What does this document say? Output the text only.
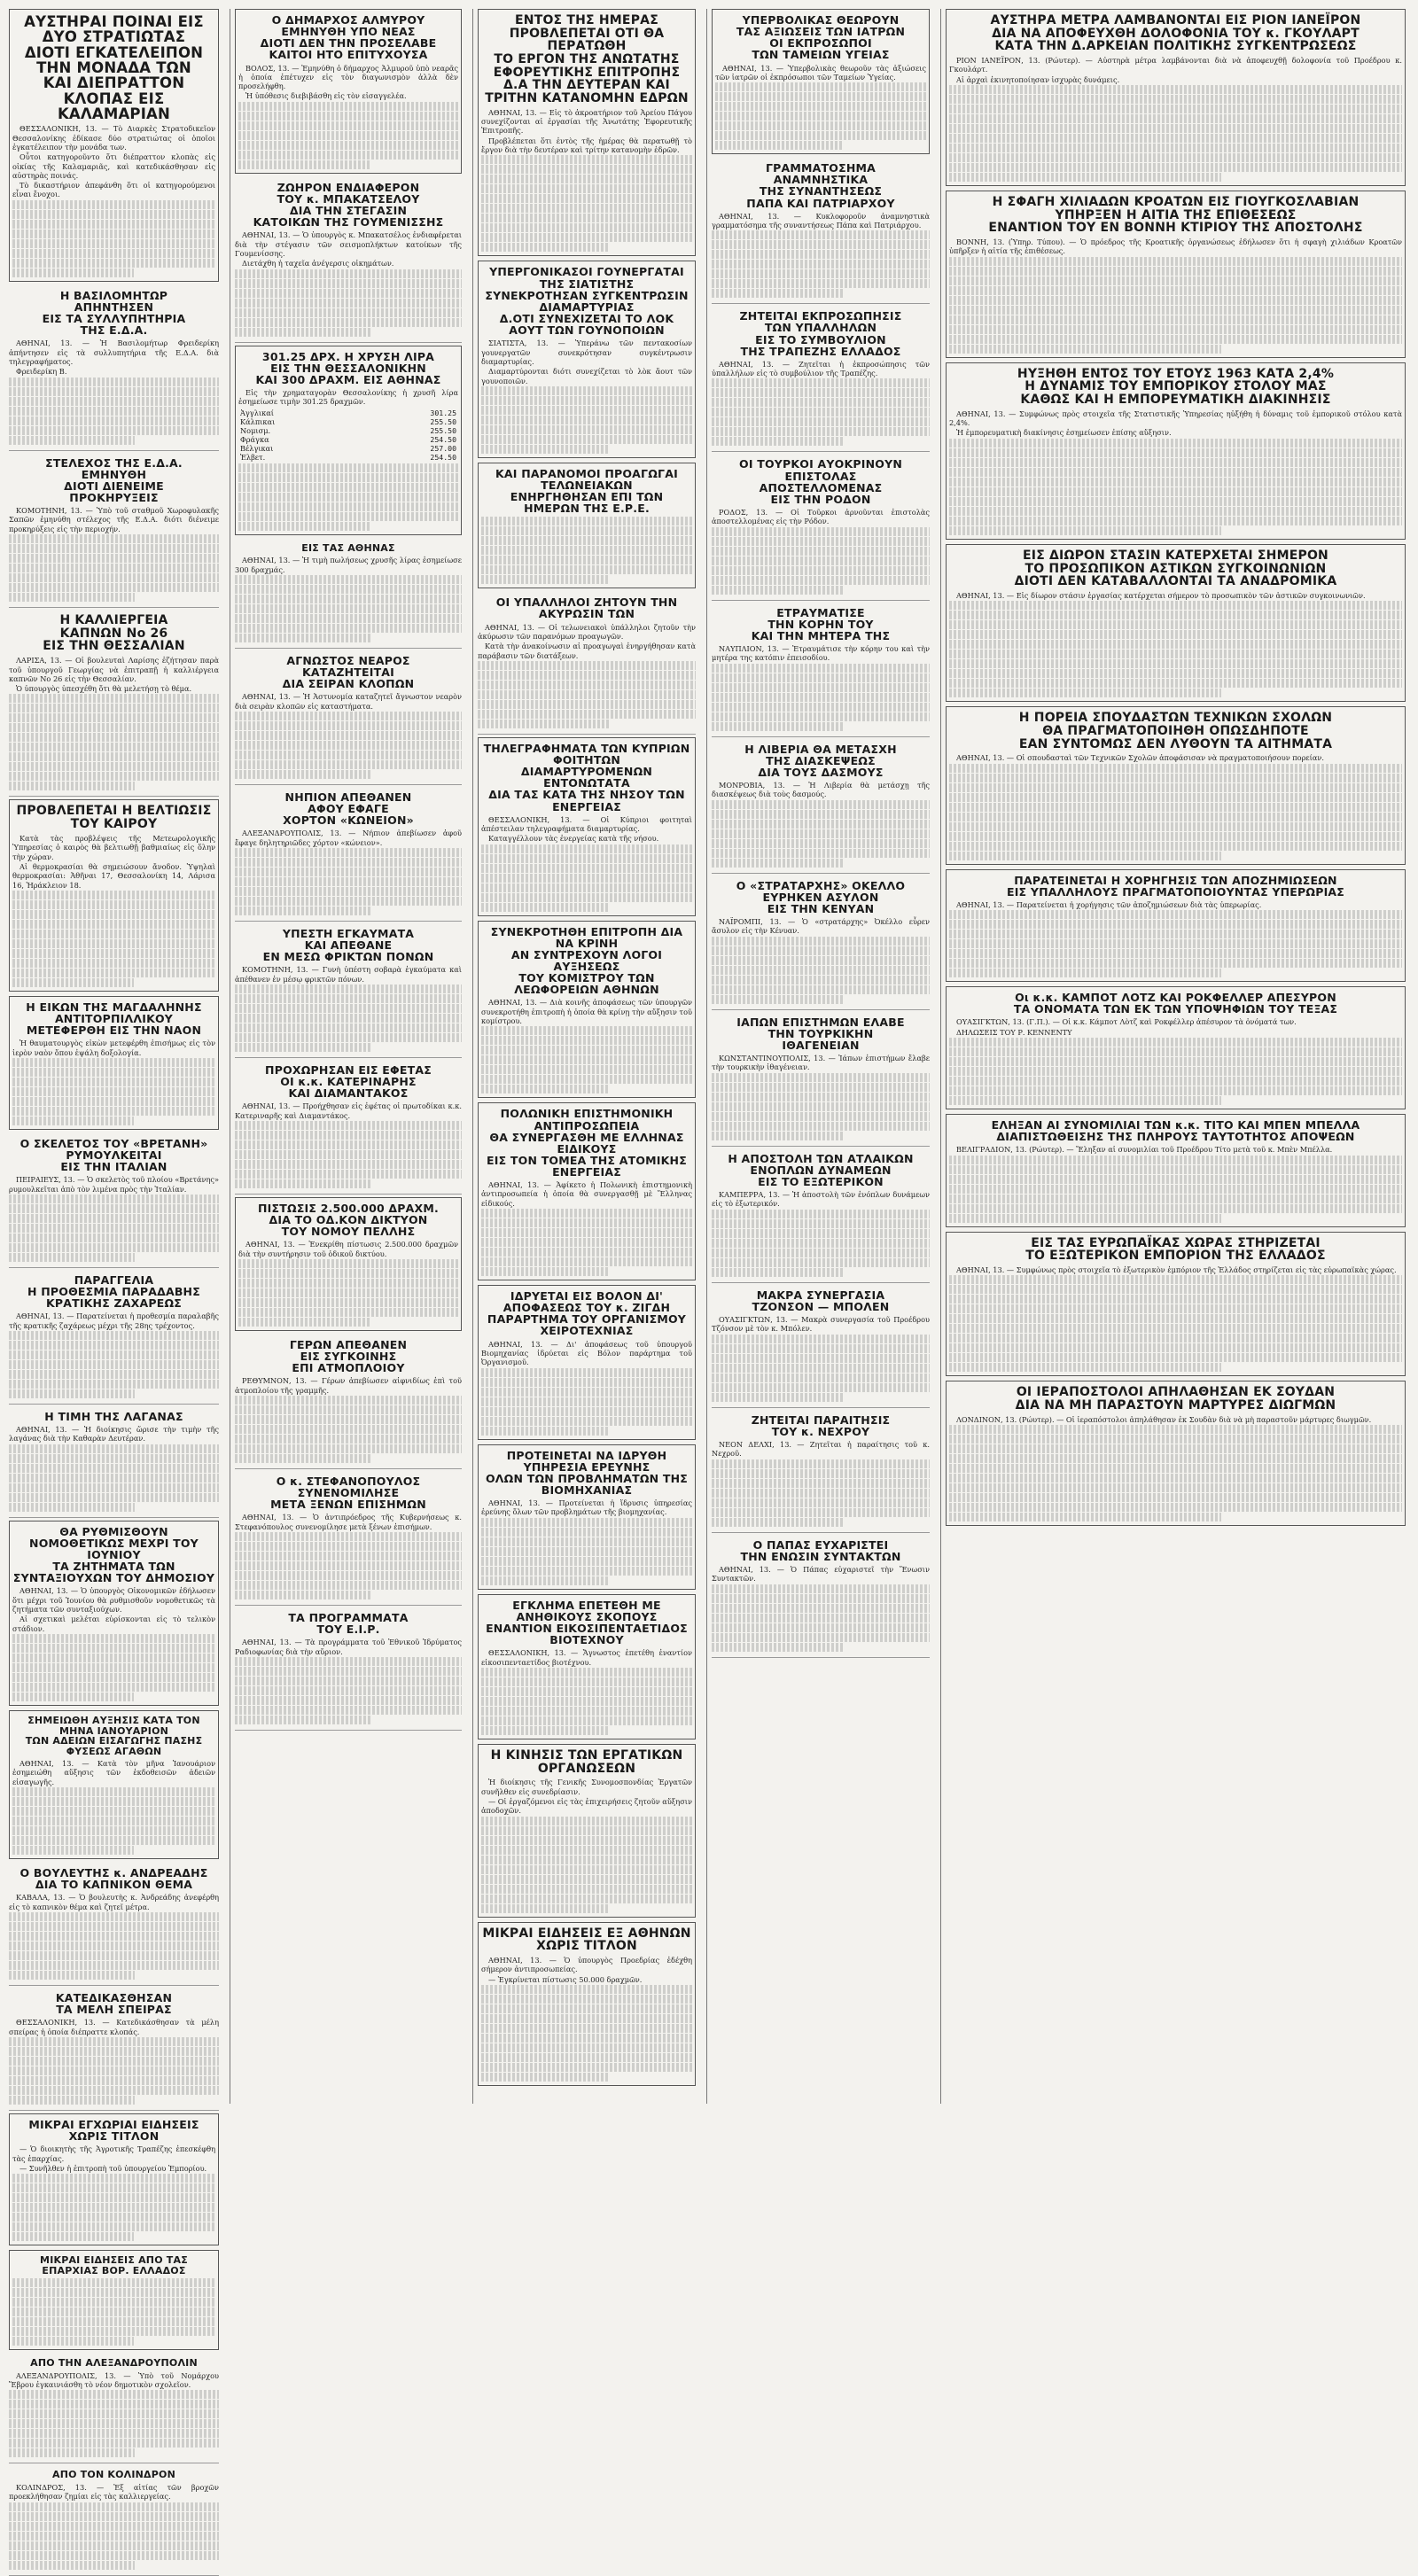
ΑΥΣΤΗΡΑΙ ΠΟΙΝΑΙ ΕΙΣ ΔΥΟ ΣΤΡΑΤΙΩΤΑΣ
ΔΙΟΤΙ ΕΓΚΑΤΕΛΕΙΠΟΝ ΤΗΝ ΜΟΝΑΔΑ ΤΩΝ
ΚΑΙ ΔΙΕΠΡΑΤΤΟΝ ΚΛΟΠΑΣ ΕΙΣ ΚΑΛΑΜΑΡΙΑΝ

ΘΕΣΣΑΛΟΝΙΚΗ, 13. — Τὸ Διαρκὲς Στρατοδικεῖον Θεσσαλονίκης ἐδίκασε δύο στρατιώτας οἱ ὁποῖοι ἐγκατέλειπον τὴν μονάδα των.

Οὗτοι κατηγοροῦντο ὅτι διέπραττον κλοπὰς εἰς οἰκίας τῆς Καλαμαριᾶς, καὶ κατεδικάσθησαν εἰς αὐστηρὰς ποινάς.

Τὸ δικαστήριον ἀπεφάνθη ὅτι οἱ κατηγορούμενοι εἶναι ἔνοχοι.

Η ΒΑΣΙΛΟΜΗΤΩΡ
ΑΠΗΝΤΗΣΕΝ
ΕΙΣ ΤΑ ΣΥΛΛΥΠΗΤΗΡΙΑ
ΤΗΣ Ε.Δ.Α.

ΑΘΗΝΑΙ, 13. — Ἡ Βασιλομήτωρ Φρειδερίκη ἀπήντησεν εἰς τὰ συλλυπητήρια τῆς Ε.Δ.Α. διὰ τηλεγραφήματος.

Φρειδερίκη Β.

ΣΤΕΛΕΧΟΣ ΤΗΣ Ε.Δ.Α.
ΕΜΗΝΥΘΗ
ΔΙΟΤΙ ΔΙΕΝΕΙΜΕ
ΠΡΟΚΗΡΥΞΕΙΣ

ΚΟΜΟΤΗΝΗ, 13. — Ὑπὸ τοῦ σταθμοῦ Χωροφυλακῆς Σαπῶν ἐμηνύθη στέλεχος τῆς Ε.Δ.Α. διότι διένειμε προκηρύξεις εἰς τὴν περιοχήν.

Η ΚΑΛΛΙΕΡΓΕΙΑ
ΚΑΠΝΩΝ Νο 26
ΕΙΣ ΤΗΝ ΘΕΣΣΑΛΙΑΝ

ΛΑΡΙΣΑ, 13. — Οἱ βουλευταὶ Λαρίσης ἐζήτησαν παρὰ τοῦ ὑπουργοῦ Γεωργίας νὰ ἐπιτραπῇ ἡ καλλιέργεια καπνῶν Νο 26 εἰς τὴν Θεσσαλίαν.

Ὁ ὑπουργὸς ὑπεσχέθη ὅτι θὰ μελετήσῃ τὸ θέμα.

ΠΡΟΒΛΕΠΕΤΑΙ Η ΒΕΛΤΙΩΣΙΣ ΤΟΥ ΚΑΙΡΟΥ

Κατὰ τὰς προβλέψεις τῆς Μετεωρολογικῆς Ὑπηρεσίας ὁ καιρὸς θὰ βελτιωθῇ βαθμιαίως εἰς ὅλην τὴν χώραν.

Αἱ θερμοκρασίαι θὰ σημειώσουν ἄνοδον. Ὑψηλαὶ θερμοκρασίαι: Ἀθῆναι 17, Θεσσαλονίκη 14, Λάρισα 16, Ἡράκλειον 18.

Η ΕΙΚΩΝ ΤΗΣ ΜΑΓΔΑΛΗΝΗΣ ΑΝΤΙΤΟΡΠΙΛΛΙΚΟΥ
ΜΕΤΕΦΕΡΘΗ ΕΙΣ ΤΗΝ ΝΑΟΝ

Ἡ θαυματουργὸς εἰκὼν μετεφέρθη ἐπισήμως εἰς τὸν ἱερὸν ναὸν ὅπου ἐψάλη δοξολογία.

Ο ΣΚΕΛΕΤΟΣ ΤΟΥ «ΒΡΕΤΑΝΗ»
ΡΥΜΟΥΛΚΕΙΤΑΙ
ΕΙΣ ΤΗΝ ΙΤΑΛΙΑΝ

ΠΕΙΡΑΙΕΥΣ, 13. — Ὁ σκελετὸς τοῦ πλοίου «Βρετάνης» ρυμουλκεῖται ἀπὸ τὸν λιμένα πρὸς τὴν Ἰταλίαν.

ΠΑΡΑΓΓΕΛΙΑ
Η ΠΡΟΘΕΣΜΙΑ ΠΑΡΑΔΑΒΗΣ
ΚΡΑΤΙΚΗΣ ΖΑΧΑΡΕΩΣ

ΑΘΗΝΑΙ, 13. — Παρατείνεται ἡ προθεσμία παραλαβῆς τῆς κρατικῆς ζαχάρεως μέχρι τῆς 28ης τρέχοντος.

Η ΤΙΜΗ ΤΗΣ ΛΑΓΑΝΑΣ

ΑΘΗΝΑΙ, 13. — Ἡ διοίκησις ὥρισε τὴν τιμὴν τῆς λαγάνας διὰ τὴν Καθαρὰν Δευτέραν.

ΘΑ ΡΥΘΜΙΣΘΟΥΝ ΝΟΜΟΘΕΤΙΚΩΣ ΜΕΧΡΙ ΤΟΥ ΙΟΥΝΙΟΥ
ΤΑ ΖΗΤΗΜΑΤΑ ΤΩΝ ΣΥΝΤΑΞΙΟΥΧΩΝ ΤΟΥ ΔΗΜΟΣΙΟΥ

ΑΘΗΝΑΙ, 13. — Ὁ ὑπουργὸς Οἰκονομικῶν ἐδήλωσεν ὅτι μέχρι τοῦ Ἰουνίου θὰ ρυθμισθοῦν νομοθετικῶς τὰ ζητήματα τῶν συνταξιούχων.

Αἱ σχετικαὶ μελέται εὑρίσκονται εἰς τὸ τελικὸν στάδιον.

ΣΗΜΕΙΩΘΗ ΑΥΞΗΣΙΣ ΚΑΤΑ ΤΟΝ ΜΗΝΑ ΙΑΝΟΥΑΡΙΟΝ
ΤΩΝ ΑΔΕΙΩΝ ΕΙΣΑΓΩΓΗΣ ΠΑΣΗΣ ΦΥΣΕΩΣ ΑΓΑΘΩΝ

ΑΘΗΝΑΙ, 13. — Κατὰ τὸν μῆνα Ἰανουάριον ἐσημειώθη αὔξησις τῶν ἐκδοθεισῶν ἀδειῶν εἰσαγωγῆς.

Ο ΒΟΥΛΕΥΤΗΣ κ. ΑΝΔΡΕΑΔΗΣ
ΔΙΑ ΤΟ ΚΑΠΝΙΚΟΝ ΘΕΜΑ

ΚΑΒΑΛΑ, 13. — Ὁ βουλευτὴς κ. Ἀνδρεάδης ἀνεφέρθη εἰς τὸ καπνικὸν θέμα καὶ ζητεῖ μέτρα.

ΚΑΤΕΔΙΚΑΣΘΗΣΑΝ
ΤΑ ΜΕΛΗ ΣΠΕΙΡΑΣ

ΘΕΣΣΑΛΟΝΙΚΗ, 13. — Κατεδικάσθησαν τὰ μέλη σπείρας ἡ ὁποία διέπραττε κλοπάς.

ΜΙΚΡΑΙ ΕΓΧΩΡΙΑΙ ΕΙΔΗΣΕΙΣ ΧΩΡΙΣ ΤΙΤΛΟΝ

— Ὁ διοικητὴς τῆς Ἀγροτικῆς Τραπέζης ἐπεσκέφθη τὰς ἐπαρχίας.

— Συνῆλθεν ἡ ἐπιτροπὴ τοῦ ὑπουργείου Ἐμπορίου.

ΜΙΚΡΑΙ ΕΙΔΗΣΕΙΣ ΑΠΟ ΤΑΣ ΕΠΑΡΧΙΑΣ ΒΟΡ. ΕΛΛΑΔΟΣ
ΑΠΟ ΤΗΝ ΑΛΕΞΑΝΔΡΟΥΠΟΛΙΝ

ΑΛΕΞΑΝΔΡΟΥΠΟΛΙΣ, 13. — Ὑπὸ τοῦ Νομάρχου Ἕβρου ἐγκαινιάσθη τὸ νέον δημοτικὸν σχολεῖον.

ΑΠΟ ΤΟΝ ΚΟΛΙΝΔΡΟΝ

ΚΟΛΙΝΔΡΟΣ, 13. — Ἐξ αἰτίας τῶν βροχῶν προεκλήθησαν ζημίαι εἰς τὰς καλλιεργείας.

Ο ΔΗΜΑΡΧΟΣ ΑΛΜΥΡΟΥ
ΕΜΗΝΥΘΗ ΥΠΟ ΝΕΑΣ
ΔΙΟΤΙ ΔΕΝ ΤΗΝ ΠΡΟΣΕΛΑΒΕ
ΚΑΙΤΟΙ ΗΤΟ ΕΠΙΤΥΧΟΥΣΑ

ΒΟΛΟΣ, 13. — Ἐμηνύθη ὁ δήμαρχος Ἀλμυροῦ ὑπὸ νεαρᾶς ἡ ὁποία ἐπέτυχεν εἰς τὸν διαγωνισμὸν ἀλλὰ δὲν προσελήφθη.

Ἡ ὑπόθεσις διεβιβάσθη εἰς τὸν εἰσαγγελέα.

ΖΩΗΡΟΝ ΕΝΔΙΑΦΕΡΟΝ
ΤΟΥ κ. ΜΠΑΚΑΤΣΕΛΟΥ
ΔΙΑ ΤΗΝ ΣΤΕΓΑΣΙΝ
ΚΑΤΟΙΚΩΝ ΤΗΣ ΓΟΥΜΕΝΙΣΣΗΣ

ΑΘΗΝΑΙ, 13. — Ὁ ὑπουργὸς κ. Μπακατσέλος ἐνδιαφέρεται διὰ τὴν στέγασιν τῶν σεισμοπλήκτων κατοίκων τῆς Γουμενίσσης.

Διετάχθη ἡ ταχεῖα ἀνέγερσις οἰκημάτων.

301.25 ΔΡΧ. Η ΧΡΥΣΗ ΛΙΡΑ
ΕΙΣ ΤΗΝ ΘΕΣΣΑΛΟΝΙΚΗΝ
ΚΑΙ 300 ΔΡΑΧΜ. ΕΙΣ ΑΘΗΝΑΣ

Εἰς τὴν χρηματαγορὰν Θεσσαλονίκης ἡ χρυσῆ λίρα ἐσημείωσε τιμὴν 301.25 δραχμῶν.

Ἀγγλικαί	301.25
Κάλπικαι	255.50
Νομισμ.	255.50
Φράγκα	254.50
Βέλγικαι	257.00
Ἑλβετ.	254.50
ΕΙΣ ΤΑΣ ΑΘΗΝΑΣ

ΑΘΗΝΑΙ, 13. — Ἡ τιμὴ πωλήσεως χρυσῆς λίρας ἐσημείωσε 300 δραχμάς.

ΑΓΝΩΣΤΟΣ ΝΕΑΡΟΣ
ΚΑΤΑΖΗΤΕΙΤΑΙ
ΔΙΑ ΣΕΙΡΑΝ ΚΛΟΠΩΝ

ΑΘΗΝΑΙ, 13. — Ἡ Ἀστυνομία καταζητεῖ ἄγνωστον νεαρὸν διὰ σειρὰν κλοπῶν εἰς καταστήματα.

ΝΗΠΙΟΝ ΑΠΕΘΑΝΕΝ
ΑΦΟΥ ΕΦΑΓΕ
ΧΟΡΤΟΝ «ΚΩΝΕΙΟΝ»

ΑΛΕΞΑΝΔΡΟΥΠΟΛΙΣ, 13. — Νήπιον ἀπεβίωσεν ἀφοῦ ἔφαγε δηλητηριῶδες χόρτον «κώνειον».

ΥΠΕΣΤΗ ΕΓΚΑΥΜΑΤΑ
ΚΑΙ ΑΠΕΘΑΝΕ
ΕΝ ΜΕΣΩ ΦΡΙΚΤΩΝ ΠΟΝΩΝ

ΚΟΜΟΤΗΝΗ, 13. — Γυνὴ ὑπέστη σοβαρὰ ἐγκαύματα καὶ ἀπέθανεν ἐν μέσῳ φρικτῶν πόνων.

ΠΡΟΧΩΡΗΣΑΝ ΕΙΣ ΕΦΕΤΑΣ
ΟΙ κ.κ. ΚΑΤΕΡΙΝΑΡΗΣ
ΚΑΙ ΔΙΑΜΑΝΤΑΚΟΣ

ΑΘΗΝΑΙ, 13. — Προήχθησαν εἰς ἐφέτας οἱ πρωτοδίκαι κ.κ. Κατεριναρῆς καὶ Διαμαντάκος.

ΠΙΣΤΩΣΙΣ 2.500.000 ΔΡΑΧΜ.
ΔΙΑ ΤΟ ΟΔ.ΚΟΝ ΔΙΚΤΥΟΝ
ΤΟΥ ΝΟΜΟΥ ΠΕΛΛΗΣ

ΑΘΗΝΑΙ, 13. — Ἐνεκρίθη πίστωσις 2.500.000 δραχμῶν διὰ τὴν συντήρησιν τοῦ ὁδικοῦ δικτύου.

ΓΕΡΩΝ ΑΠΕΘΑΝΕΝ
ΕΙΣ ΣΥΓΚΟΙΝΗΣ
ΕΠΙ ΑΤΜΟΠΛΟΙΟΥ

ΡΕΘΥΜΝΟΝ, 13. — Γέρων ἀπεβίωσεν αἰφνιδίως ἐπὶ τοῦ ἀτμοπλοίου τῆς γραμμῆς.

Ο κ. ΣΤΕΦΑΝΟΠΟΥΛΟΣ
ΣΥΝΕΝΟΜΙΛΗΣΕ
ΜΕΤΑ ΞΕΝΩΝ ΕΠΙΣΗΜΩΝ

ΑΘΗΝΑΙ, 13. — Ὁ ἀντιπρόεδρος τῆς Κυβερνήσεως κ. Στεφανόπουλος συνενομίλησε μετὰ ξένων ἐπισήμων.

ΤΑ ΠΡΟΓΡΑΜΜΑΤΑ
ΤΟΥ Ε.Ι.Ρ.

ΑΘΗΝΑΙ, 13. — Τὰ προγράμματα τοῦ Ἐθνικοῦ Ἱδρύματος Ραδιοφωνίας διὰ τὴν αὔριον.

ΕΝΤΟΣ ΤΗΣ ΗΜΕΡΑΣ ΠΡΟΒΛΕΠΕΤΑΙ ΟΤΙ ΘΑ ΠΕΡΑΤΩΘΗ
ΤΟ ΕΡΓΟΝ ΤΗΣ ΑΝΩΤΑΤΗΣ ΕΦΟΡΕΥΤΙΚΗΣ ΕΠΙΤΡΟΠΗΣ
Δ.Α ΤΗΝ ΔΕΥΤΕΡΑΝ ΚΑΙ ΤΡΙΤΗΝ ΚΑΤΑΝΟΜΗΝ ΕΔΡΩΝ

ΑΘΗΝΑΙ, 13. — Εἰς τὸ ἀκροατήριον τοῦ Ἀρείου Πάγου συνεχίζονται αἱ ἐργασίαι τῆς Ἀνωτάτης Ἐφορευτικῆς Ἐπιτροπῆς.

Προβλέπεται ὅτι ἐντὸς τῆς ἡμέρας θὰ περατωθῇ τὸ ἔργον διὰ τὴν δευτέραν καὶ τρίτην κατανομὴν ἑδρῶν.

ΥΠΕΡΓΟΝΙΚΑΣΟΙ ΓΟΥΝΕΡΓΑΤΑΙ ΤΗΣ ΣΙΑΤΙΣΤΗΣ
ΣΥΝΕΚΡΟΤΗΣΑΝ ΣΥΓΚΕΝΤΡΩΣΙΝ ΔΙΑΜΑΡΤΥΡΙΑΣ
Δ.ΟΤΙ ΣΥΝΕΧΙΖΕΤΑΙ ΤΟ ΛΟΚ ΑΟΥΤ ΤΩΝ ΓΟΥΝΟΠΟΙΩΝ

ΣΙΑΤΙΣΤΑ, 13. — Ὑπεράνω τῶν πεντακοσίων γουνεργατῶν συνεκρότησαν συγκέντρωσιν διαμαρτυρίας.

Διαμαρτύρονται διότι συνεχίζεται τὸ λὸκ ἄουτ τῶν γουνοποιῶν.

ΚΑΙ ΠΑΡΑΝΟΜΟΙ ΠΡΟΑΓΩΓΑΙ ΤΕΛΩΝΕΙΑΚΩΝ
ΕΝΗΡΓΗΘΗΣΑΝ ΕΠΙ ΤΩΝ ΗΜΕΡΩΝ ΤΗΣ Ε.Ρ.Ε.
ΟΙ ΥΠΑΛΛΗΛΟΙ ΖΗΤΟΥΝ ΤΗΝ ΑΚΥΡΩΣΙΝ ΤΩΝ

ΑΘΗΝΑΙ, 13. — Οἱ τελωνειακοὶ ὑπάλληλοι ζητοῦν τὴν ἀκύρωσιν τῶν παρανόμων προαγωγῶν.

Κατὰ τὴν ἀνακοίνωσιν αἱ προαγωγαὶ ἐνηργήθησαν κατὰ παράβασιν τῶν διατάξεων.

ΤΗΛΕΓΡΑΦΗΜΑΤΑ ΤΩΝ ΚΥΠΡΙΩΝ ΦΟΙΤΗΤΩΝ
ΔΙΑΜΑΡΤΥΡΟΜΕΝΩΝ ΕΝΤΟΝΩΤΑΤΑ
ΔΙΑ ΤΑΣ ΚΑΤΑ ΤΗΣ ΝΗΣΟΥ ΤΩΝ ΕΝΕΡΓΕΙΑΣ

ΘΕΣΣΑΛΟΝΙΚΗ, 13. — Οἱ Κύπριοι φοιτηταὶ ἀπέστειλαν τηλεγραφήματα διαμαρτυρίας.

Καταγγέλλουν τὰς ἐνεργείας κατὰ τῆς νήσου.

ΣΥΝΕΚΡΟΤΗΘΗ ΕΠΙΤΡΟΠΗ ΔΙΑ ΝΑ ΚΡΙΝΗ
ΑΝ ΣΥΝΤΡΕΧΟΥΝ ΛΟΓΟΙ ΑΥΞΗΣΕΩΣ
ΤΟΥ ΚΟΜΙΣΤΡΟΥ ΤΩΝ ΛΕΩΦΟΡΕΙΩΝ ΑΘΗΝΩΝ

ΑΘΗΝΑΙ, 13. — Διὰ κοινῆς ἀποφάσεως τῶν ὑπουργῶν συνεκροτήθη ἐπιτροπὴ ἡ ὁποία θὰ κρίνῃ τὴν αὔξησιν τοῦ κομίστρου.

ΠΟΛΩΝΙΚΗ ΕΠΙΣΤΗΜΟΝΙΚΗ ΑΝΤΙΠΡΟΣΩΠΕΙΑ
ΘΑ ΣΥΝΕΡΓΑΣΘΗ ΜΕ ΕΛΛΗΝΑΣ ΕΙΔΙΚΟΥΣ
ΕΙΣ ΤΟΝ ΤΟΜΕΑ ΤΗΣ ΑΤΟΜΙΚΗΣ ΕΝΕΡΓΕΙΑΣ

ΑΘΗΝΑΙ, 13. — Ἀφίκετο ἡ Πολωνικὴ ἐπιστημονικὴ ἀντιπροσωπεία ἡ ὁποία θὰ συνεργασθῇ μὲ Ἕλληνας εἰδικούς.

ΙΔΡΥΕΤΑΙ ΕΙΣ ΒΟΛΟΝ ΔΙ' ΑΠΟΦΑΣΕΩΣ ΤΟΥ κ. ΖΙΓΔΗ
ΠΑΡΑΡΤΗΜΑ ΤΟΥ ΟΡΓΑΝΙΣΜΟΥ ΧΕΙΡΟΤΕΧΝΙΑΣ

ΑΘΗΝΑΙ, 13. — Δι' ἀποφάσεως τοῦ ὑπουργοῦ Βιομηχανίας ἱδρύεται εἰς Βόλον παράρτημα τοῦ Ὀργανισμοῦ.

ΠΡΟΤΕΙΝΕΤΑΙ ΝΑ ΙΔΡΥΘΗ ΥΠΗΡΕΣΙΑ ΕΡΕΥΝΗΣ
ΟΛΩΝ ΤΩΝ ΠΡΟΒΛΗΜΑΤΩΝ ΤΗΣ ΒΙΟΜΗΧΑΝΙΑΣ

ΑΘΗΝΑΙ, 13. — Προτείνεται ἡ ἵδρυσις ὑπηρεσίας ἐρεύνης ὅλων τῶν προβλημάτων τῆς βιομηχανίας.

ΕΓΚΛΗΜΑ ΕΠΕΤΕΘΗ ΜΕ ΑΝΗΘΙΚΟΥΣ ΣΚΟΠΟΥΣ
ΕΝΑΝΤΙΟΝ ΕΙΚΟΣΙΠΕΝΤΑΕΤΙΔΟΣ ΒΙΟΤΕΧΝΟΥ

ΘΕΣΣΑΛΟΝΙΚΗ, 13. — Ἄγνωστος ἐπετέθη ἐναντίον εἰκοσιπενταετίδος βιοτέχνου.

Η ΚΙΝΗΣΙΣ ΤΩΝ ΕΡΓΑΤΙΚΩΝ ΟΡΓΑΝΩΣΕΩΝ

Ἡ διοίκησις τῆς Γενικῆς Συνομοσπονδίας Ἐργατῶν συνῆλθεν εἰς συνεδρίασιν.

— Οἱ ἐργαζόμενοι εἰς τὰς ἐπιχειρήσεις ζητοῦν αὔξησιν ἀποδοχῶν.

ΜΙΚΡΑΙ ΕΙΔΗΣΕΙΣ ΕΞ ΑΘΗΝΩΝ ΧΩΡΙΣ ΤΙΤΛΟΝ

ΑΘΗΝΑΙ, 13. — Ὁ ὑπουργὸς Προεδρίας ἐδέχθη σήμερον ἀντιπροσωπείας.

— Ἐγκρίνεται πίστωσις 50.000 δραχμῶν.

ΥΠΕΡΒΟΛΙΚΑΣ ΘΕΩΡΟΥΝ
ΤΑΣ ΑΞΙΩΣΕΙΣ ΤΩΝ ΙΑΤΡΩΝ
ΟΙ ΕΚΠΡΟΣΩΠΟΙ
ΤΩΝ ΤΑΜΕΙΩΝ ΥΓΕΙΑΣ

ΑΘΗΝΑΙ, 13. — Ὑπερβολικὰς θεωροῦν τὰς ἀξιώσεις τῶν ἰατρῶν οἱ ἐκπρόσωποι τῶν Ταμείων Ὑγείας.

ΓΡΑΜΜΑΤΟΣΗΜΑ
ΑΝΑΜΝΗΣΤΙΚΑ
ΤΗΣ ΣΥΝΑΝΤΗΣΕΩΣ
ΠΑΠΑ ΚΑΙ ΠΑΤΡΙΑΡΧΟΥ

ΑΘΗΝΑΙ, 13. — Κυκλοφοροῦν ἀναμνηστικὰ γραμματόσημα τῆς συναντήσεως Πάπα καὶ Πατριάρχου.

ΖΗΤΕΙΤΑΙ ΕΚΠΡΟΣΩΠΗΣΙΣ
ΤΩΝ ΥΠΑΛΛΗΛΩΝ
ΕΙΣ ΤΟ ΣΥΜΒΟΥΛΙΟΝ
ΤΗΣ ΤΡΑΠΕΖΗΣ ΕΛΛΑΔΟΣ

ΑΘΗΝΑΙ, 13. — Ζητεῖται ἡ ἐκπροσώπησις τῶν ὑπαλλήλων εἰς τὸ συμβούλιον τῆς Τραπέζης.

ΟΙ ΤΟΥΡΚΟΙ ΑΥΟΚΡΙΝΟΥΝ
ΕΠΙΣΤΟΛΑΣ
ΑΠΟΣΤΕΛΛΟΜΕΝΑΣ
ΕΙΣ ΤΗΝ ΡΟΔΟΝ

ΡΟΔΟΣ, 13. — Οἱ Τοῦρκοι ἀρνοῦνται ἐπιστολὰς ἀποστελλομένας εἰς τὴν Ρόδον.

ΕΤΡΑΥΜΑΤΙΣΕ
ΤΗΝ ΚΟΡΗΝ ΤΟΥ
ΚΑΙ ΤΗΝ ΜΗΤΕΡΑ ΤΗΣ

ΝΑΥΠΛΙΟΝ, 13. — Ἐτραυμάτισε τὴν κόρην του καὶ τὴν μητέρα της κατόπιν ἐπεισοδίου.

Η ΛΙΒΕΡΙΑ ΘΑ ΜΕΤΑΣΧΗ
ΤΗΣ ΔΙΑΣΚΕΨΕΩΣ
ΔΙΑ ΤΟΥΣ ΔΑΣΜΟΥΣ

ΜΟΝΡΟΒΙΑ, 13. — Ἡ Λιβερία θὰ μετάσχῃ τῆς διασκέψεως διὰ τοὺς δασμούς.

Ο «ΣΤΡΑΤΑΡΧΗΣ» ΟΚΕΛΛΟ
ΕΥΡΗΚΕΝ ΑΣΥΛΟΝ
ΕΙΣ ΤΗΝ ΚΕΝΥΑΝ

ΝΑΪΡΟΜΠΙ, 13. — Ὁ «στρατάρχης» Ὀκέλλο εὗρεν ἄσυλον εἰς τὴν Κένυαν.

ΙΑΠΩΝ ΕΠΙΣΤΗΜΩΝ ΕΛΑΒΕ
ΤΗΝ ΤΟΥΡΚΙΚΗΝ
ΙΘΑΓΕΝΕΙΑΝ

ΚΩΝΣΤΑΝΤΙΝΟΥΠΟΛΙΣ, 13. — Ἰάπων ἐπιστήμων ἔλαβε τὴν τουρκικὴν ἰθαγένειαν.

Η ΑΠΟΣΤΟΛΗ ΤΩΝ ΑΤΛΑΙΚΩΝ
ΕΝΟΠΛΩΝ ΔΥΝΑΜΕΩΝ
ΕΙΣ ΤΟ ΕΞΩΤΕΡΙΚΟΝ

ΚΑΜΠΕΡΡΑ, 13. — Ἡ ἀποστολὴ τῶν ἐνόπλων δυνάμεων εἰς τὸ ἐξωτερικόν.

ΜΑΚΡΑ ΣΥΝΕΡΓΑΣΙΑ
ΤΖΟΝΣΟΝ — ΜΠΟΛΕΝ

ΟΥΑΣΙΓΚΤΩΝ, 13. — Μακρὰ συνεργασία τοῦ Προέδρου Τζόνσον μὲ τὸν κ. Μπόλεν.

ΖΗΤΕΙΤΑΙ ΠΑΡΑΙΤΗΣΙΣ
ΤΟΥ κ. ΝΕΧΡΟΥ

ΝΕΟΝ ΔΕΛΧΙ, 13. — Ζητεῖται ἡ παραίτησις τοῦ κ. Νεχροῦ.

Ο ΠΑΠΑΣ ΕΥΧΑΡΙΣΤΕΙ
ΤΗΝ ΕΝΩΣΙΝ ΣΥΝΤΑΚΤΩΝ

ΑΘΗΝΑΙ, 13. — Ὁ Πάπας εὐχαριστεῖ τὴν Ἕνωσιν Συντακτῶν.

ΑΥΣΤΗΡΑ ΜΕΤΡΑ ΛΑΜΒΑΝΟΝΤΑΙ ΕΙΣ ΡΙΟΝ ΙΑΝΕΪΡΟΝ
ΔΙΑ ΝΑ ΑΠΟΦΕΥΧΘΗ ΔΟΛΟΦΟΝΙΑ ΤΟΥ κ. ΓΚΟΥΛΑΡΤ
ΚΑΤΑ ΤΗΝ Δ.ΑΡΚΕΙΑΝ ΠΟΛΙΤΙΚΗΣ ΣΥΓΚΕΝΤΡΩΣΕΩΣ

ΡΙΟΝ ΙΑΝΕΪΡΟΝ, 13. (Ρώυτερ). — Αὐστηρὰ μέτρα λαμβάνονται διὰ νὰ ἀποφευχθῇ δολοφονία τοῦ Προέδρου κ. Γκουλάρτ.

Αἱ ἀρχαὶ ἐκινητοποίησαν ἰσχυρὰς δυνάμεις.

Η ΣΦΑΓΗ ΧΙΛΙΑΔΩΝ ΚΡΟΑΤΩΝ ΕΙΣ ΓΙΟΥΓΚΟΣΛΑΒΙΑΝ
ΥΠΗΡΞΕΝ Η ΑΙΤΙΑ ΤΗΣ ΕΠΙΘΕΣΕΩΣ
ΕΝΑΝΤΙΟΝ ΤΟΥ ΕΝ ΒΟΝΝΗ ΚΤΙΡΙΟΥ ΤΗΣ ΑΠΟΣΤΟΛΗΣ

ΒΟΝΝΗ, 13. (Ὑπηρ. Τύπου). — Ὁ πρόεδρος τῆς Κροατικῆς ὀργανώσεως ἐδήλωσεν ὅτι ἡ σφαγὴ χιλιάδων Κροατῶν ὑπῆρξεν ἡ αἰτία τῆς ἐπιθέσεως.

ΗΥΞΗΘΗ ΕΝΤΟΣ ΤΟΥ ΕΤΟΥΣ 1963 ΚΑΤΑ 2,4%
Η ΔΥΝΑΜΙΣ ΤΟΥ ΕΜΠΟΡΙΚΟΥ ΣΤΟΛΟΥ ΜΑΣ
ΚΑΘΩΣ ΚΑΙ Η ΕΜΠΟΡΕΥΜΑΤΙΚΗ ΔΙΑΚΙΝΗΣΙΣ

ΑΘΗΝΑΙ, 13. — Συμφώνως πρὸς στοιχεῖα τῆς Στατιστικῆς Ὑπηρεσίας ηὐξήθη ἡ δύναμις τοῦ ἐμπορικοῦ στόλου κατὰ 2,4%.

Ἡ ἐμπορευματικὴ διακίνησις ἐσημείωσεν ἐπίσης αὔξησιν.

ΕΙΣ ΔΙΩΡΟΝ ΣΤΑΣΙΝ ΚΑΤΕΡΧΕΤΑΙ ΣΗΜΕΡΟΝ
ΤΟ ΠΡΟΣΩΠΙΚΟΝ ΑΣΤΙΚΩΝ ΣΥΓΚΟΙΝΩΝΙΩΝ
ΔΙΟΤΙ ΔΕΝ ΚΑΤΑΒΑΛΛΟΝΤΑΙ ΤΑ ΑΝΑΔΡΟΜΙΚΑ

ΑΘΗΝΑΙ, 13. — Εἰς δίωρον στάσιν ἐργασίας κατέρχεται σήμερον τὸ προσωπικὸν τῶν ἀστικῶν συγκοινωνιῶν.

Η ΠΟΡΕΙΑ ΣΠΟΥΔΑΣΤΩΝ ΤΕΧΝΙΚΩΝ ΣΧΟΛΩΝ
ΘΑ ΠΡΑΓΜΑΤΟΠΟΙΗΘΗ ΟΠΩΣΔΗΠΟΤΕ
ΕΑΝ ΣΥΝΤΟΜΩΣ ΔΕΝ ΛΥΘΟΥΝ ΤΑ ΑΙΤΗΜΑΤΑ

ΑΘΗΝΑΙ, 13. — Οἱ σπουδασταὶ τῶν Τεχνικῶν Σχολῶν ἀποφάσισαν νὰ πραγματοποιήσουν πορείαν.

ΠΑΡΑΤΕΙΝΕΤΑΙ Η ΧΟΡΗΓΗΣΙΣ ΤΩΝ ΑΠΟΖΗΜΙΩΣΕΩΝ
ΕΙΣ ΥΠΑΛΛΗΛΟΥΣ ΠΡΑΓΜΑΤΟΠΟΙΟΥΝΤΑΣ ΥΠΕΡΩΡΙΑΣ

ΑΘΗΝΑΙ, 13. — Παρατείνεται ἡ χορήγησις τῶν ἀποζημιώσεων διὰ τὰς ὑπερωρίας.

Οι κ.κ. ΚΑΜΠΟΤ ΛΟΤΖ ΚΑΙ ΡΟΚΦΕΛΛΕΡ ΑΠΕΣΥΡΟΝ
ΤΑ ΟΝΟΜΑΤΑ ΤΩΝ ΕΚ ΤΩΝ ΥΠΟΨΗΦΙΩΝ ΤΟΥ ΤΕΞΑΣ

ΟΥΑΣΙΓΚΤΩΝ, 13. (Γ.Π.). — Οἱ κ.κ. Κάμποτ Λὸτζ καὶ Ροκφέλλερ ἀπέσυρον τὰ ὀνόματά των.

ΔΗΛΩΣΕΙΣ ΤΟΥ Ρ. ΚΕΝΝΕΝΤΥ

ΕΛΗΞΑΝ ΑΙ ΣΥΝΟΜΙΛΙΑΙ ΤΩΝ κ.κ. ΤΙΤΟ ΚΑΙ ΜΠΕΝ ΜΠΕΛΛΑ
ΔΙΑΠΙΣΤΩΘΕΙΣΗΣ ΤΗΣ ΠΛΗΡΟΥΣ ΤΑΥΤΟΤΗΤΟΣ ΑΠΟΨΕΩΝ

ΒΕΛΙΓΡΑΔΙΟΝ, 13. (Ρώυτερ). — Ἔληξαν αἱ συνομιλίαι τοῦ Προέδρου Τίτο μετὰ τοῦ κ. Μπὲν Μπέλλα.

ΕΙΣ ΤΑΣ ΕΥΡΩΠΑΪΚΑΣ ΧΩΡΑΣ ΣΤΗΡΙΖΕΤΑΙ
ΤΟ ΕΞΩΤΕΡΙΚΟΝ ΕΜΠΟΡΙΟΝ ΤΗΣ ΕΛΛΑΔΟΣ

ΑΘΗΝΑΙ, 13. — Συμφώνως πρὸς στοιχεῖα τὸ ἐξωτερικὸν ἐμπόριον τῆς Ἑλλάδος στηρίζεται εἰς τὰς εὐρωπαϊκὰς χώρας.

ΟΙ ΙΕΡΑΠΟΣΤΟΛΟΙ ΑΠΗΛΑΘΗΣΑΝ ΕΚ ΣΟΥΔΑΝ
ΔΙΑ ΝΑ ΜΗ ΠΑΡΑΣΤΟΥΝ ΜΑΡΤΥΡΕΣ ΔΙΩΓΜΩΝ

ΛΟΝΔΙΝΟΝ, 13. (Ρώυτερ). — Οἱ ἱεραπόστολοι ἀπηλάθησαν ἐκ Σουδὰν διὰ νὰ μὴ παραστοῦν μάρτυρες διωγμῶν.
